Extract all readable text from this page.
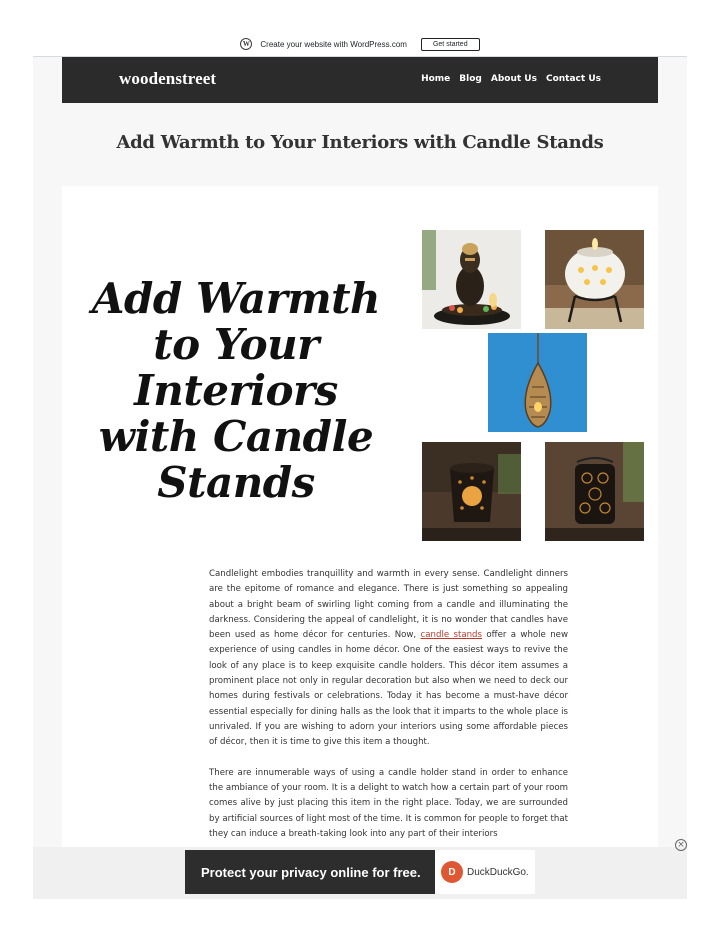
W	Create your website with WordPress.com	Get started
woodenstreet	Home Blog About Us Contact Us
Add Warmth to Your Interiors with Candle Stands
Add Warmth to Your Interiors with Candle Stands

Candlelight embodies tranquillity and warmth in every sense. Candlelight dinners are the epitome of romance and elegance. There is just something so appealing about a bright beam of swirling light coming from a candle and illuminating the darkness. Considering the appeal of candlelight, it is no wonder that candles have been used as home décor for centuries. Now, candle stands offer a whole new experience of using candles in home décor. One of the easiest ways to revive the look of any place is to keep exquisite candle holders. This décor item assumes a prominent place not only in regular decoration but also when we need to deck our homes during festivals or celebrations. Today it has become a must-have décor essential especially for dining halls as the look that it imparts to the whole place is unrivaled. If you are wishing to adorn your interiors using some affordable pieces of décor, then it is time to give this item a thought.

There are innumerable ways of using a candle holder stand in order to enhance the ambiance of your room. It is a delight to watch how a certain part of your room comes alive by just placing this item in the right place. Today, we are surrounded by artificial sources of light most of the time. It is common for people to forget that they can induce a breath-taking look into any part of their interiors

Protect your privacy online for free.	D	DuckDuckGo.
×
